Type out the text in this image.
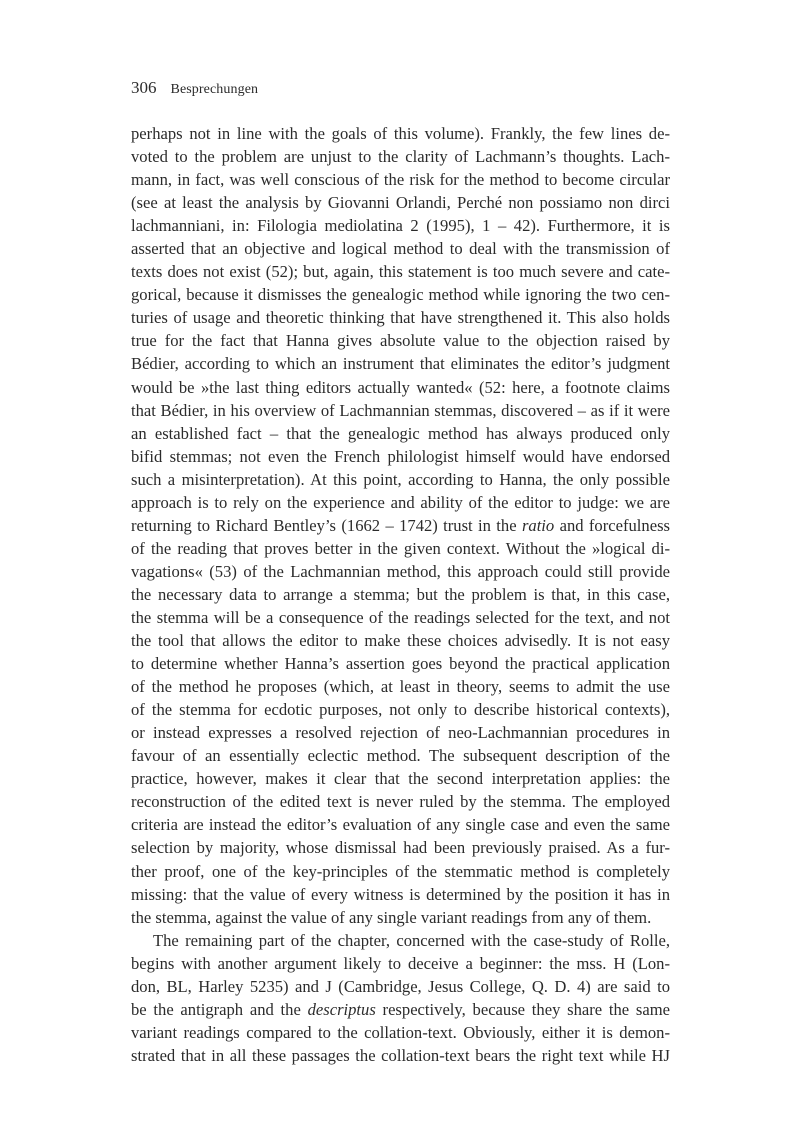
306 Besprechungen
perhaps not in line with the goals of this volume). Frankly, the few lines de-
voted to the problem are unjust to the clarity of Lachmann’s thoughts. Lach-
mann, in fact, was well conscious of the risk for the method to become circular
(see at least the analysis by Giovanni Orlandi, Perché non possiamo non dirci
lachmanniani, in: Filologia mediolatina 2 (1995), 1 – 42). Furthermore, it is
asserted that an objective and logical method to deal with the transmission of
texts does not exist (52); but, again, this statement is too much severe and cate-
gorical, because it dismisses the genealogic method while ignoring the two cen-
turies of usage and theoretic thinking that have strengthened it. This also holds
true for the fact that Hanna gives absolute value to the objection raised by
Bédier, according to which an instrument that eliminates the editor’s judgment
would be »the last thing editors actually wanted« (52: here, a footnote claims
that Bédier, in his overview of Lachmannian stemmas, discovered – as if it were
an established fact – that the genealogic method has always produced only
bifid stemmas; not even the French philologist himself would have endorsed
such a misinterpretation). At this point, according to Hanna, the only possible
approach is to rely on the experience and ability of the editor to judge: we are
returning to Richard Bentley’s (1662 – 1742) trust in the ratio and forcefulness
of the reading that proves better in the given context. Without the »logical di-
vagations« (53) of the Lachmannian method, this approach could still provide
the necessary data to arrange a stemma; but the problem is that, in this case,
the stemma will be a consequence of the readings selected for the text, and not
the tool that allows the editor to make these choices advisedly. It is not easy
to determine whether Hanna’s assertion goes beyond the practical application
of the method he proposes (which, at least in theory, seems to admit the use
of the stemma for ecdotic purposes, not only to describe historical contexts),
or instead expresses a resolved rejection of neo-Lachmannian procedures in
favour of an essentially eclectic method. The subsequent description of the
practice, however, makes it clear that the second interpretation applies: the
reconstruction of the edited text is never ruled by the stemma. The employed
criteria are instead the editor’s evaluation of any single case and even the same
selection by majority, whose dismissal had been previously praised. As a fur-
ther proof, one of the key-principles of the stemmatic method is completely
missing: that the value of every witness is determined by the position it has in
the stemma, against the value of any single variant readings from any of them.
The remaining part of the chapter, concerned with the case-study of Rolle,
begins with another argument likely to deceive a beginner: the mss. H (Lon-
don, BL, Harley 5235) and J (Cambridge, Jesus College, Q. D. 4) are said to
be the antigraph and the descriptus respectively, because they share the same
variant readings compared to the collation-text. Obviously, either it is demon-
strated that in all these passages the collation-text bears the right text while HJ
